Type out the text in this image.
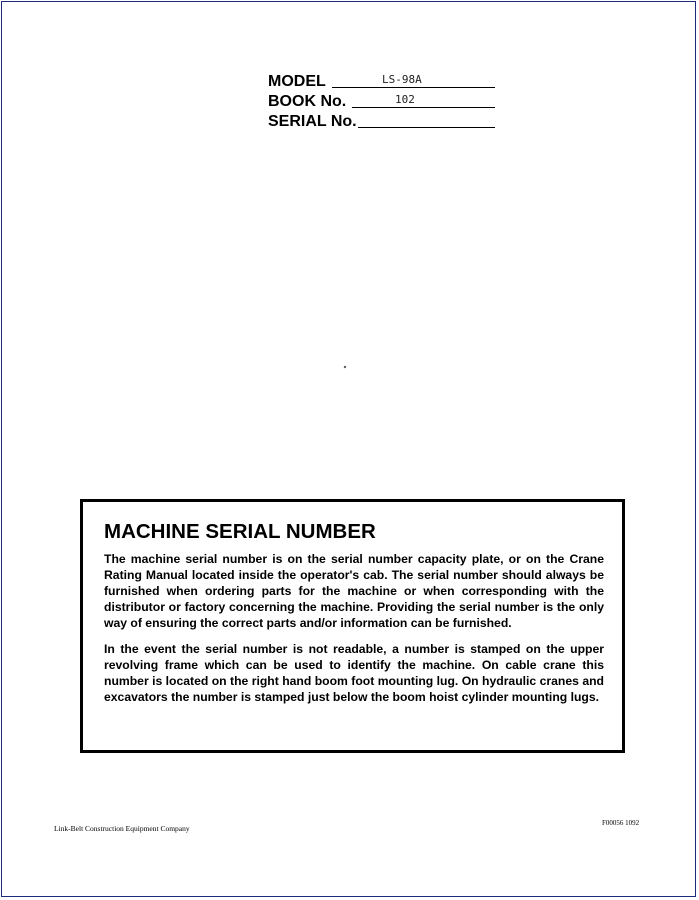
MODEL	LS-98A
BOOK No.	102
SERIAL No.
MACHINE SERIAL NUMBER

The machine serial number is on the serial number capacity plate, or on the Crane Rating Manual located inside the operator's cab. The serial number should always be furnished when ordering parts for the machine or when corresponding with the distributor or factory concerning the machine. Providing the serial number is the only way of ensuring the correct parts and/or information can be furnished.

In the event the serial number is not readable, a number is stamped on the upper revolving frame which can be used to identify the machine. On cable crane this number is located on the right hand boom foot mounting lug. On hydraulic cranes and excavators the number is stamped just below the boom hoist cylinder mounting lugs.

Link-Belt Construction Equipment Company
F00056 1092
